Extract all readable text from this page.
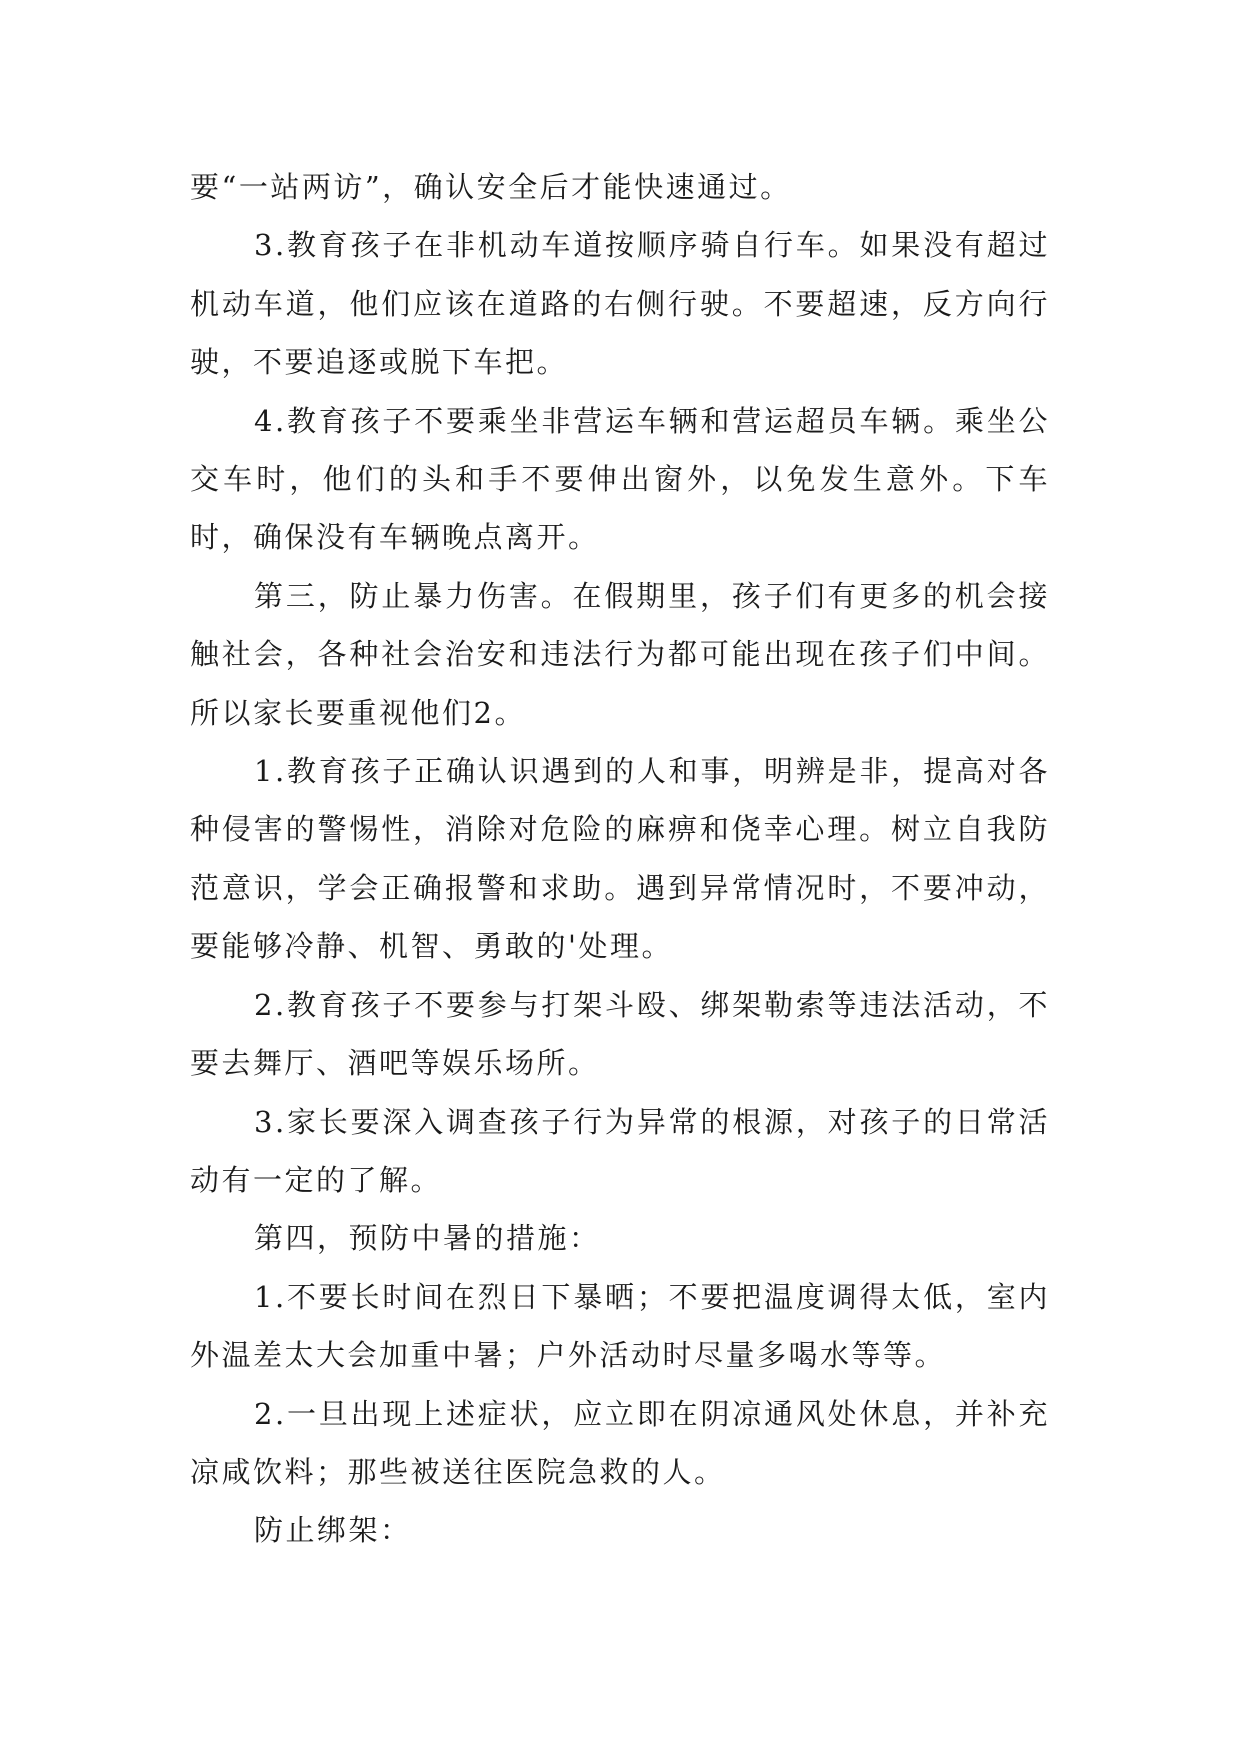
要“一站两访”，确认安全后才能快速通过。

3.教育孩子在非机动车道按顺序骑自行车。如果没有超过机动车道，他们应该在道路的右侧行驶。不要超速，反方向行驶，不要追逐或脱下车把。

4.教育孩子不要乘坐非营运车辆和营运超员车辆。乘坐公交车时，他们的头和手不要伸出窗外，以免发生意外。下车时，确保没有车辆晚点离开。

第三，防止暴力伤害。在假期里，孩子们有更多的机会接触社会，各种社会治安和违法行为都可能出现在孩子们中间。所以家长要重视他们2。

1.教育孩子正确认识遇到的人和事，明辨是非，提高对各种侵害的警惕性，消除对危险的麻痹和侥幸心理。树立自我防范意识，学会正确报警和求助。遇到异常情况时，不要冲动，要能够冷静、机智、勇敢的'处理。

2.教育孩子不要参与打架斗殴、绑架勒索等违法活动，不要去舞厅、酒吧等娱乐场所。

3.家长要深入调查孩子行为异常的根源，对孩子的日常活动有一定的了解。

第四，预防中暑的措施：

1.不要长时间在烈日下暴晒；不要把温度调得太低，室内外温差太大会加重中暑；户外活动时尽量多喝水等等。

2.一旦出现上述症状，应立即在阴凉通风处休息，并补充凉咸饮料；那些被送往医院急救的人。

防止绑架：
